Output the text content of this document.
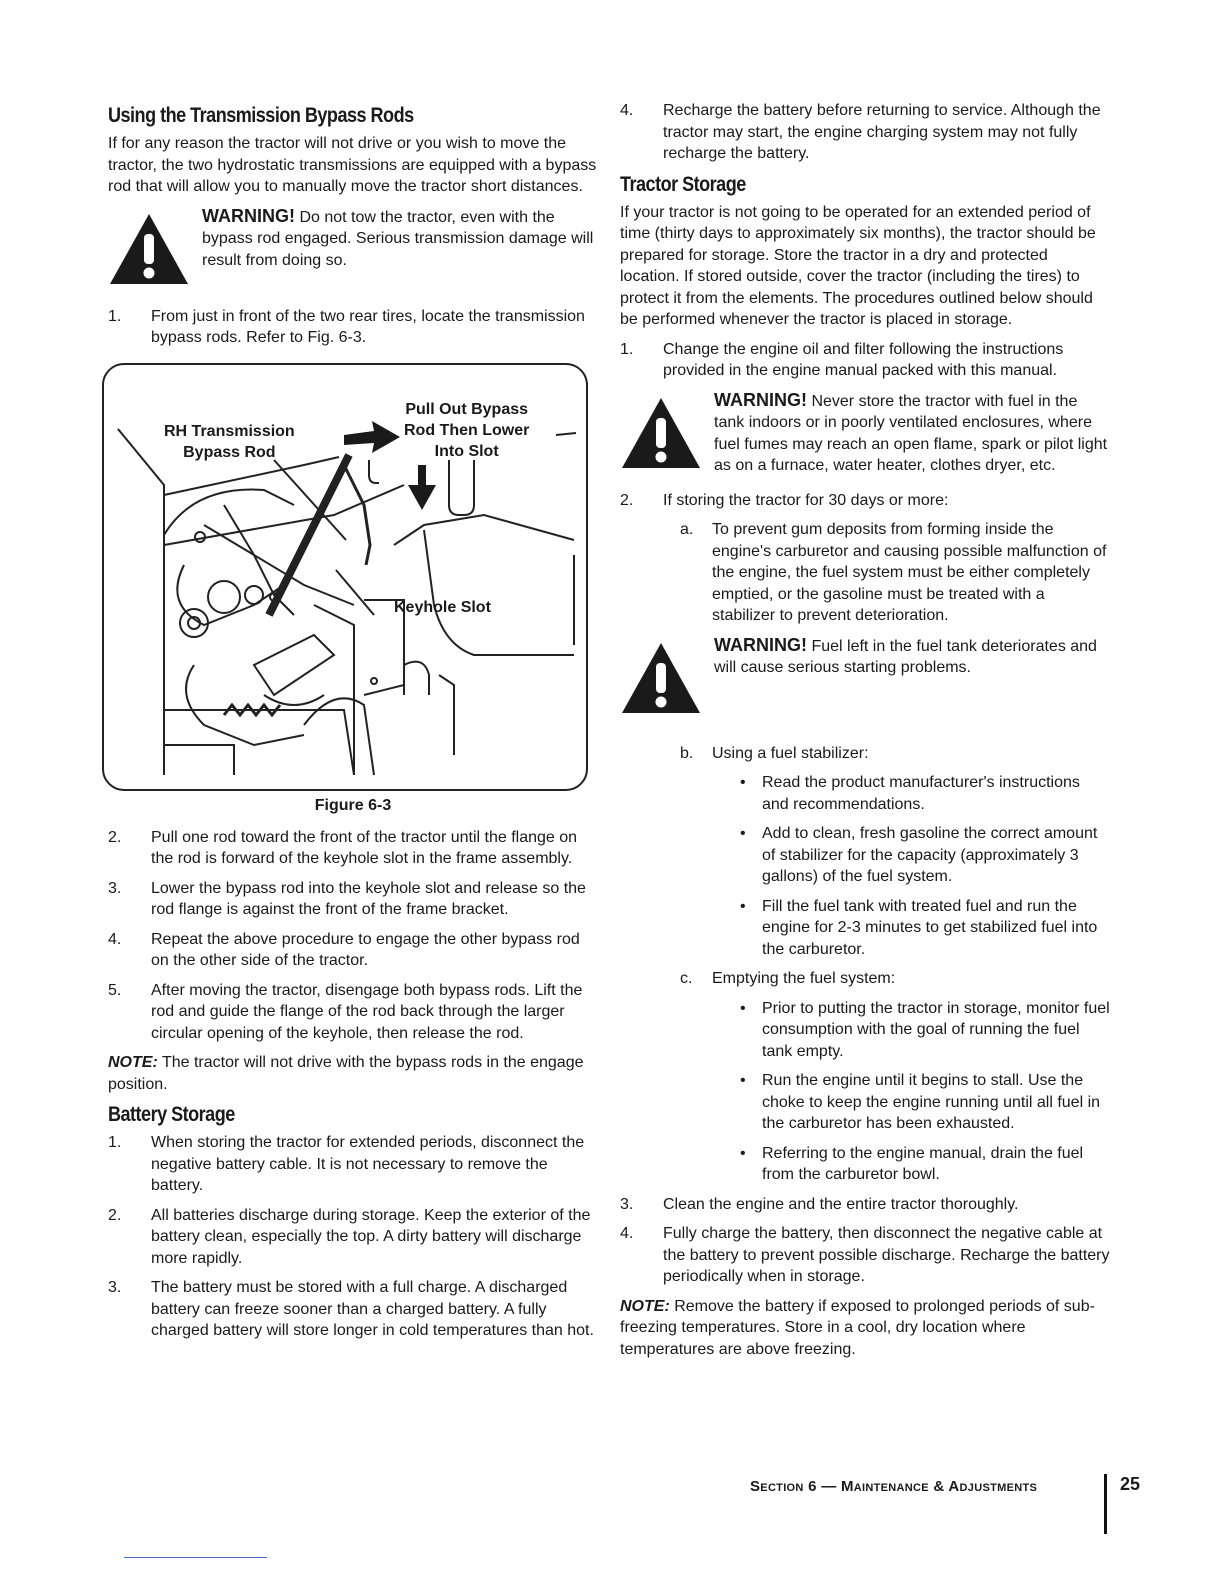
Using the Transmission Bypass Rods

If for any reason the tractor will not drive or you wish to move the tractor, the two hydrostatic transmissions are equipped with a bypass rod that will allow you to manually move the tractor short distances.

WARNING! Do not tow the tractor, even with the bypass rod engaged. Serious transmission damage will result from doing so.
1. From just in front of the two rear tires, locate the transmission bypass rods. Refer to Fig. 6-3.
RH Transmission
Bypass Rod
Pull Out Bypass
Rod Then Lower
Into Slot
Keyhole Slot
Figure 6-3
2. Pull one rod toward the front of the tractor until the flange on the rod is forward of the keyhole slot in the frame assembly.
3. Lower the bypass rod into the keyhole slot and release so the rod flange is against the front of the frame bracket.
4. Repeat the above procedure to engage the other bypass rod on the other side of the tractor.
5. After moving the tractor, disengage both bypass rods. Lift the rod and guide the flange of the rod back through the larger circular opening of the keyhole, then release the rod.

NOTE: The tractor will not drive with the bypass rods in the engage position.

Battery Storage
1. When storing the tractor for extended periods, disconnect the negative battery cable. It is not necessary to remove the battery.
2. All batteries discharge during storage. Keep the exterior of the battery clean, especially the top. A dirty battery will discharge more rapidly.
3. The battery must be stored with a full charge. A discharged battery can freeze sooner than a charged battery. A fully charged battery will store longer in cold temperatures than hot.
4. Recharge the battery before returning to service. Although the tractor may start, the engine charging system may not fully recharge the battery.
Tractor Storage

If your tractor is not going to be operated for an extended period of time (thirty days to approximately six months), the tractor should be prepared for storage. Store the tractor in a dry and protected location. If stored outside, cover the tractor (including the tires) to protect it from the elements. The procedures outlined below should be performed whenever the tractor is placed in storage.

1. Change the engine oil and filter following the instructions provided in the engine manual packed with this manual.
WARNING! Never store the tractor with fuel in the tank indoors or in poorly ventilated enclosures, where fuel fumes may reach an open flame, spark or pilot light as on a furnace, water heater, clothes dryer, etc.
2. If storing the tractor for 30 days or more:
a. To prevent gum deposits from forming inside the engine's carburetor and causing possible malfunction of the engine, the fuel system must be either completely emptied, or the gasoline must be treated with a stabilizer to prevent deterioration.
WARNING! Fuel left in the fuel tank deteriorates and will cause serious starting problems.
b. Using a fuel stabilizer:
• Read the product manufacturer's instructions and recommendations.
• Add to clean, fresh gasoline the correct amount of stabilizer for the capacity (approximately 3 gallons) of the fuel system.
• Fill the fuel tank with treated fuel and run the engine for 2-3 minutes to get stabilized fuel into the carburetor.
c. Emptying the fuel system:
• Prior to putting the tractor in storage, monitor fuel consumption with the goal of running the fuel tank empty.
• Run the engine until it begins to stall. Use the choke to keep the engine running until all fuel in the carburetor has been exhausted.
• Referring to the engine manual, drain the fuel from the carburetor bowl.
3. Clean the engine and the entire tractor thoroughly.
4. Fully charge the battery, then disconnect the negative cable at the battery to prevent possible discharge. Recharge the battery periodically when in storage.

NOTE: Remove the battery if exposed to prolonged periods of sub-freezing temperatures. Store in a cool, dry location where temperatures are above freezing.

Section 6 — Maintenance & Adjustments	25
